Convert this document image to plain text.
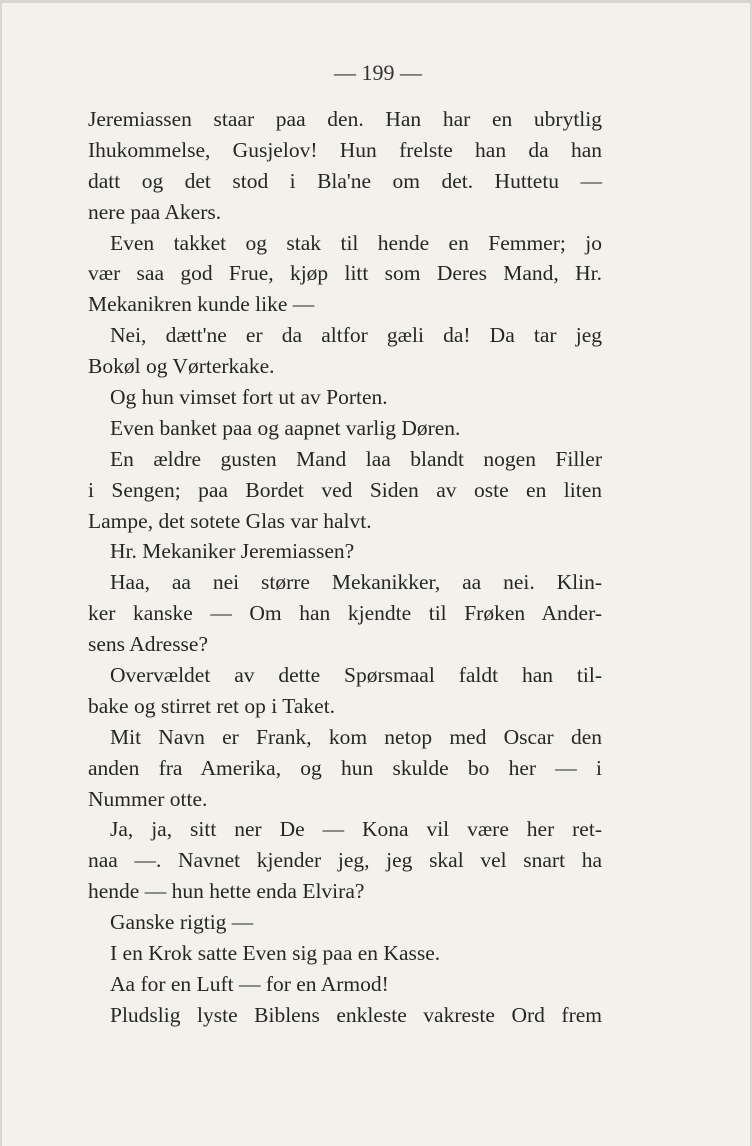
— 199 —
Jeremiassen staar paa den. Han har en ubrytlig
Ihukommelse, Gusjelov! Hun frelste han da han
datt og det stod i Bla'ne om det. Huttetu —
nere paa Akers.
Even takket og stak til hende en Femmer; jo
vær saa god Frue, kjøp litt som Deres Mand, Hr.
Mekanikren kunde like —
Nei, dætt'ne er da altfor gæli da! Da tar jeg
Bokøl og Vørterkake.
Og hun vimset fort ut av Porten.
Even banket paa og aapnet varlig Døren.
En ældre gusten Mand laa blandt nogen Filler
i Sengen; paa Bordet ved Siden av oste en liten
Lampe, det sotete Glas var halvt.
Hr. Mekaniker Jeremiassen?
Haa, aa nei større Mekanikker, aa nei. Klin-
ker kanske — Om han kjendte til Frøken Ander-
sens Adresse?
Overvældet av dette Spørsmaal faldt han til-
bake og stirret ret op i Taket.
Mit Navn er Frank, kom netop med Oscar den
anden fra Amerika, og hun skulde bo her — i
Nummer otte.
Ja, ja, sitt ner De — Kona vil være her ret-
naa —. Navnet kjender jeg, jeg skal vel snart ha
hende — hun hette enda Elvira?
Ganske rigtig —
I en Krok satte Even sig paa en Kasse.
Aa for en Luft — for en Armod!
Pludslig lyste Biblens enkleste vakreste Ord frem
